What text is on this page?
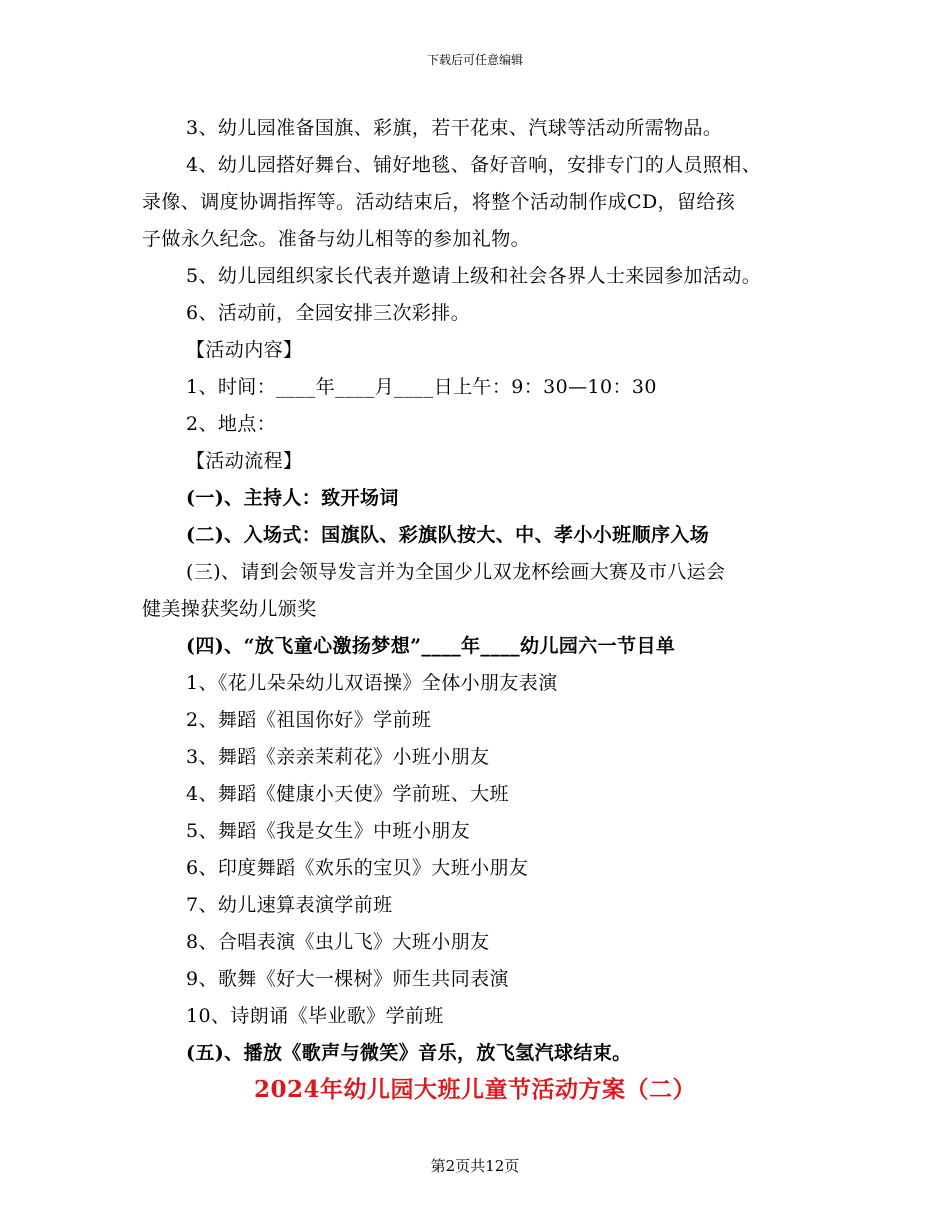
下载后可任意编辑
3、幼儿园准备国旗、彩旗，若干花束、汽球等活动所需物品。
4、幼儿园搭好舞台、铺好地毯、备好音响，安排专门的人员照相、
录像、调度协调指挥等。活动结束后，将整个活动制作成CD，留给孩
子做永久纪念。准备与幼儿相等的参加礼物。
5、幼儿园组织家长代表并邀请上级和社会各界人士来园参加活动。
6、活动前，全园安排三次彩排。
【活动内容】
1、时间：____年____月____日上午：9：30—10：30
2、地点：
【活动流程】
(一)、主持人：致开场词
(二)、入场式：国旗队、彩旗队按大、中、孝小小班顺序入场
(三)、请到会领导发言并为全国少儿双龙杯绘画大赛及市八运会
健美操获奖幼儿颁奖
(四)、“放飞童心激扬梦想”____年____幼儿园六一节目单
1、《花儿朵朵幼儿双语操》全体小朋友表演
2、舞蹈《祖国你好》学前班
3、舞蹈《亲亲茉莉花》小班小朋友
4、舞蹈《健康小天使》学前班、大班
5、舞蹈《我是女生》中班小朋友
6、印度舞蹈《欢乐的宝贝》大班小朋友
7、幼儿速算表演学前班
8、合唱表演《虫儿飞》大班小朋友
9、歌舞《好大一棵树》师生共同表演
10、诗朗诵《毕业歌》学前班
(五)、播放《歌声与微笑》音乐，放飞氢汽球结束。
2024年幼儿园大班儿童节活动方案（二）
第2页共12页
